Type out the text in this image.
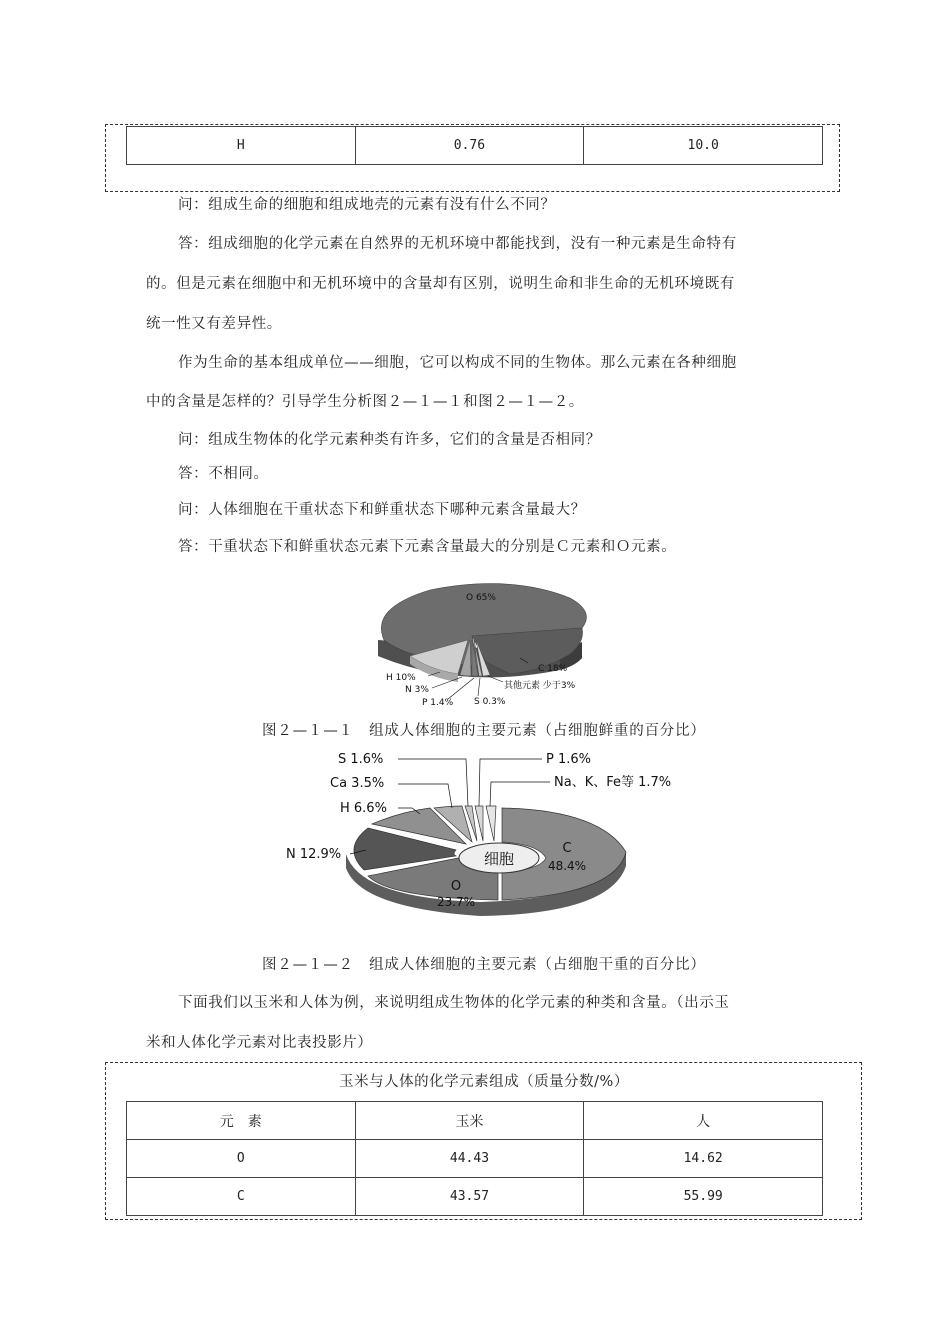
H	0.76	10.0
问：组成生命的细胞和组成地壳的元素有没有什么不同？
答：组成细胞的化学元素在自然界的无机环境中都能找到，没有一种元素是生命特有
的。但是元素在细胞中和无机环境中的含量却有区别，说明生命和非生命的无机环境既有
统一性又有差异性。
作为生命的基本组成单位——细胞，它可以构成不同的生物体。那么元素在各种细胞
中的含量是怎样的？引导学生分析图２—１—１和图２—１—２。
问：组成生物体的化学元素种类有许多，它们的含量是否相同？
答：不相同。
问：人体细胞在干重状态下和鲜重状态下哪种元素含量最大？
答：干重状态下和鲜重状态元素下元素含量最大的分别是Ｃ元素和Ｏ元素。
O 65%
C 18%
其他元素 少于3%
H 10%
N 3%
P 1.4% S 0.3%
图２—１—１　组成人体细胞的主要元素（占细胞鲜重的百分比）
细胞
C
48.4%
O
23.7%
N 12.9%
H 6.6%
Ca 3.5%
S 1.6%	P 1.6%
Na、K、Fe等 1.7%
图２—１—２　组成人体细胞的主要元素（占细胞干重的百分比）
下面我们以玉米和人体为例，来说明组成生物体的化学元素的种类和含量。（出示玉
米和人体化学元素对比表投影片）
玉米与人体的化学元素组成（质量分数/%）
元　素	玉米	人
O	44.43	14.62
C	43.57	55.99
